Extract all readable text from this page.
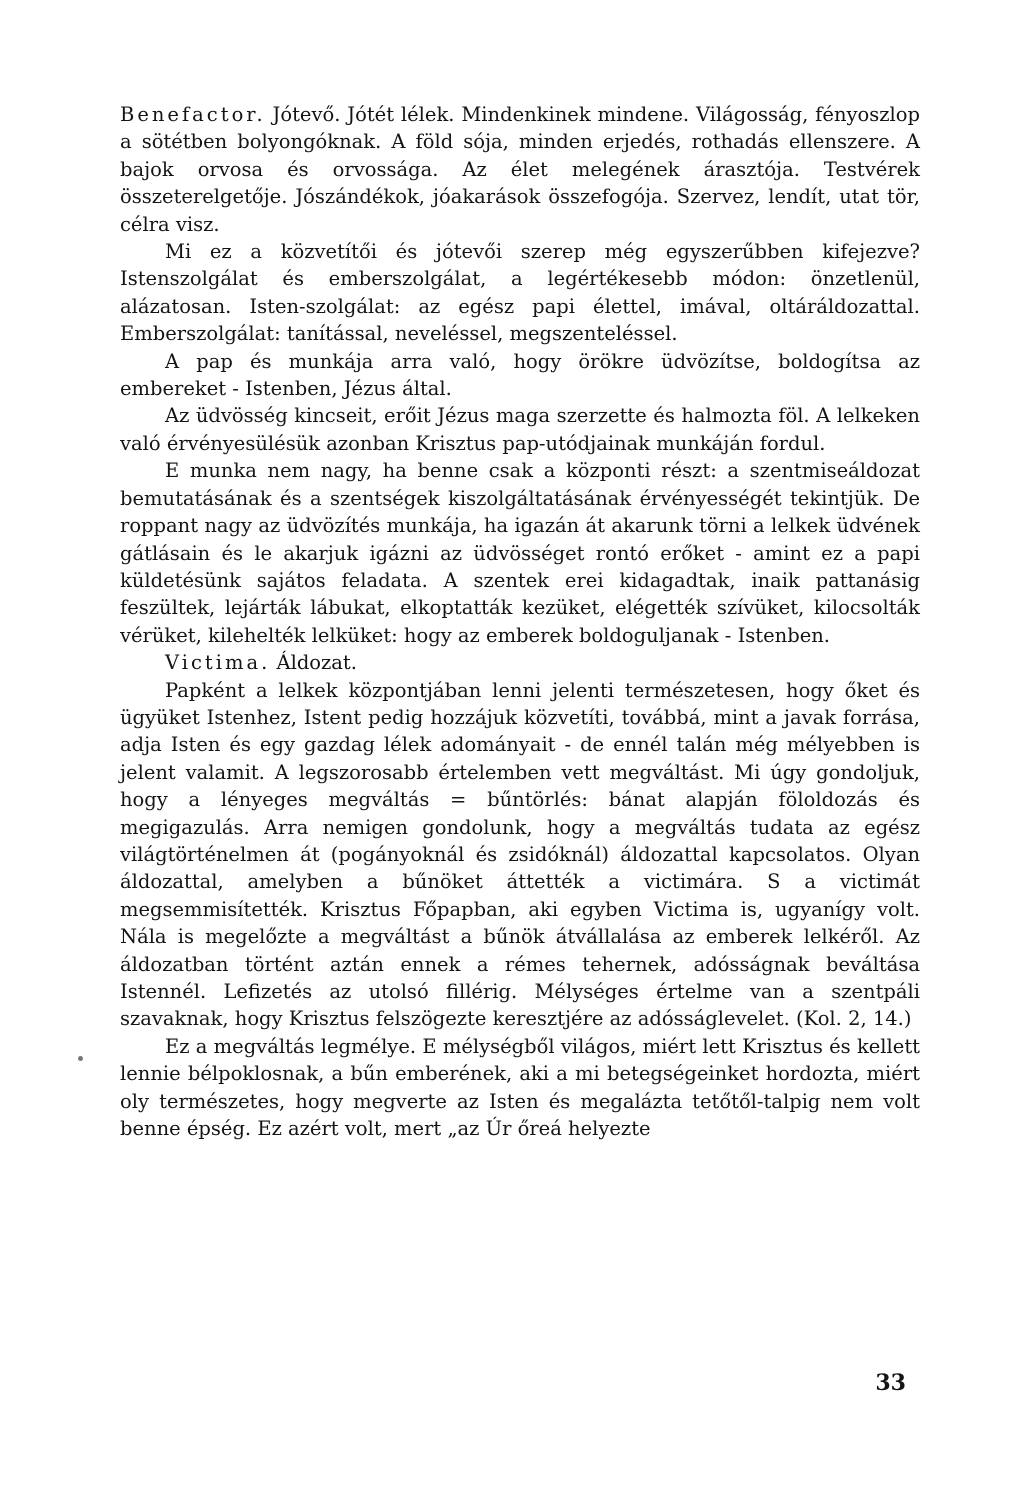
Benefactor. Jótevő. Jótét lélek. Mindenkinek mindene. Világosság, fényoszlop a sötétben bolyongóknak. A föld sója, minden erjedés, rothadás ellenszere. A bajok orvosa és orvossága. Az élet melegének árasztója. Testvérek összeterelgetője. Jószándékok, jóakarások összefogója. Szervez, lendít, utat tör, célra visz.

Mi ez a közvetítői és jótevői szerep még egyszerűbben kifejezve? Istenszolgálat és emberszolgálat, a legértékesebb módon: önzetlenül, alázatosan. Isten-szolgálat: az egész papi élettel, imával, oltáráldozattal. Emberszolgálat: tanítással, neveléssel, megszenteléssel.

A pap és munkája arra való, hogy örökre üdvözítse, boldogítsa az embereket - Istenben, Jézus által.

Az üdvösség kincseit, erőit Jézus maga szerzette és halmozta föl. A lelkeken való érvényesülésük azonban Krisztus pap-utódjainak munkáján fordul.

E munka nem nagy, ha benne csak a központi részt: a szentmiseáldozat bemutatásának és a szentségek kiszolgáltatásának érvényességét tekintjük. De roppant nagy az üdvözítés munkája, ha igazán át akarunk törni a lelkek üdvének gátlásain és le akarjuk igázni az üdvösséget rontó erőket - amint ez a papi küldetésünk sajátos feladata. A szentek erei kidagadtak, inaik pattanásig feszültek, lejárták lábukat, elkoptatták kezüket, elégették szívüket, kilocsolták vérüket, kilehelték lelküket: hogy az emberek boldoguljanak - Istenben.

Victima. Áldozat.

Papként a lelkek központjában lenni jelenti természetesen, hogy őket és ügyüket Istenhez, Istent pedig hozzájuk közvetíti, továbbá, mint a javak forrása, adja Isten és egy gazdag lélek adományait - de ennél talán még mélyebben is jelent valamit. A legszorosabb értelemben vett megváltást. Mi úgy gondoljuk, hogy a lényeges megváltás = bűntörlés: bánat alapján föloldozás és megigazulás. Arra nemigen gondolunk, hogy a megváltás tudata az egész világtörténelmen át (pogányoknál és zsidóknál) áldozattal kapcsolatos. Olyan áldozattal, amelyben a bűnöket áttették a victimára. S a victimát megsemmisítették. Krisztus Főpapban, aki egyben Victima is, ugyanígy volt. Nála is megelőzte a megváltást a bűnök átvállalása az emberek lelkéről. Az áldozatban történt aztán ennek a rémes tehernek, adósságnak beváltása Istennél. Lefizetés az utolsó fillérig. Mélységes értelme van a szentpáli szavaknak, hogy Krisztus felszögezte keresztjére az adósságlevelet. (Kol. 2, 14.)

Ez a megváltás legmélye. E mélységből világos, miért lett Krisztus és kellett lennie bélpoklosnak, a bűn emberének, aki a mi betegségeinket hordozta, miért oly természetes, hogy megverte az Isten és megalázta tetőtől-talpig nem volt benne épség. Ez azért volt, mert „az Úr őreá helyezte

33
